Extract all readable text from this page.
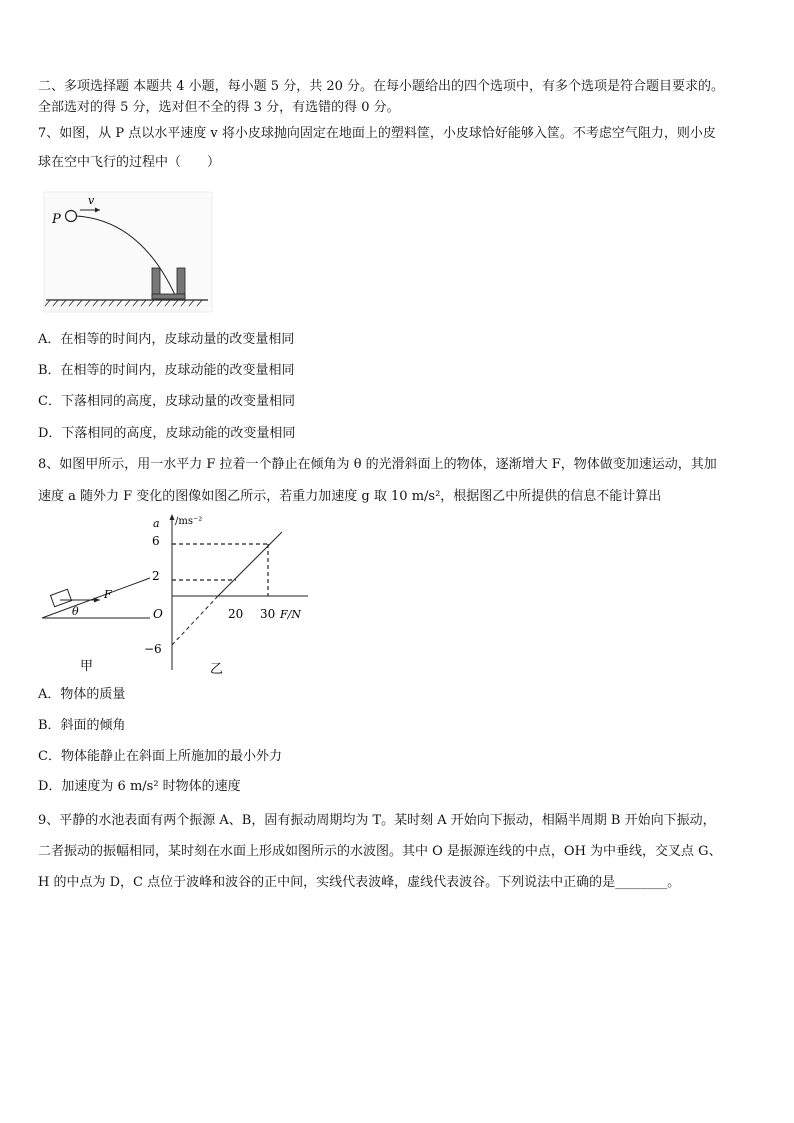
二、多项选择题 本题共 4 小题，每小题 5 分，共 20 分。在每小题给出的四个选项中，有多个选项是符合题目要求的。
全部选对的得 5 分，选对但不全的得 3 分，有选错的得 0 分。
7、如图，从 P 点以水平速度 v 将小皮球抛向固定在地面上的塑料筐，小皮球恰好能够入筐。不考虑空气阻力，则小皮
球在空中飞行的过程中（　　）
P
v
A．在相等的时间内，皮球动量的改变量相同
B．在相等的时间内，皮球动能的改变量相同
C．下落相同的高度，皮球动量的改变量相同
D．下落相同的高度，皮球动能的改变量相同
8、如图甲所示，用一水平力 F 拉着一个静止在倾角为 θ 的光滑斜面上的物体，逐渐增大 F，物体做变加速运动，其加
速度 a 随外力 F 变化的图像如图乙所示，若重力加速度 g 取 10 m/s²，根据图乙中所提供的信息不能计算出
F
θ
甲
a /ms⁻²
6
2
O
−6
20 30 F/N
乙
A．物体的质量
B．斜面的倾角
C．物体能静止在斜面上所施加的最小外力
D．加速度为 6 m/s² 时物体的速度
9、平静的水池表面有两个振源 A、B，固有振动周期均为 T。某时刻 A 开始向下振动，相隔半周期 B 开始向下振动，
二者振动的振幅相同，某时刻在水面上形成如图所示的水波图。其中 O 是振源连线的中点，OH 为中垂线，交叉点 G、
H 的中点为 D，C 点位于波峰和波谷的正中间，实线代表波峰，虚线代表波谷。下列说法中正确的是________。
